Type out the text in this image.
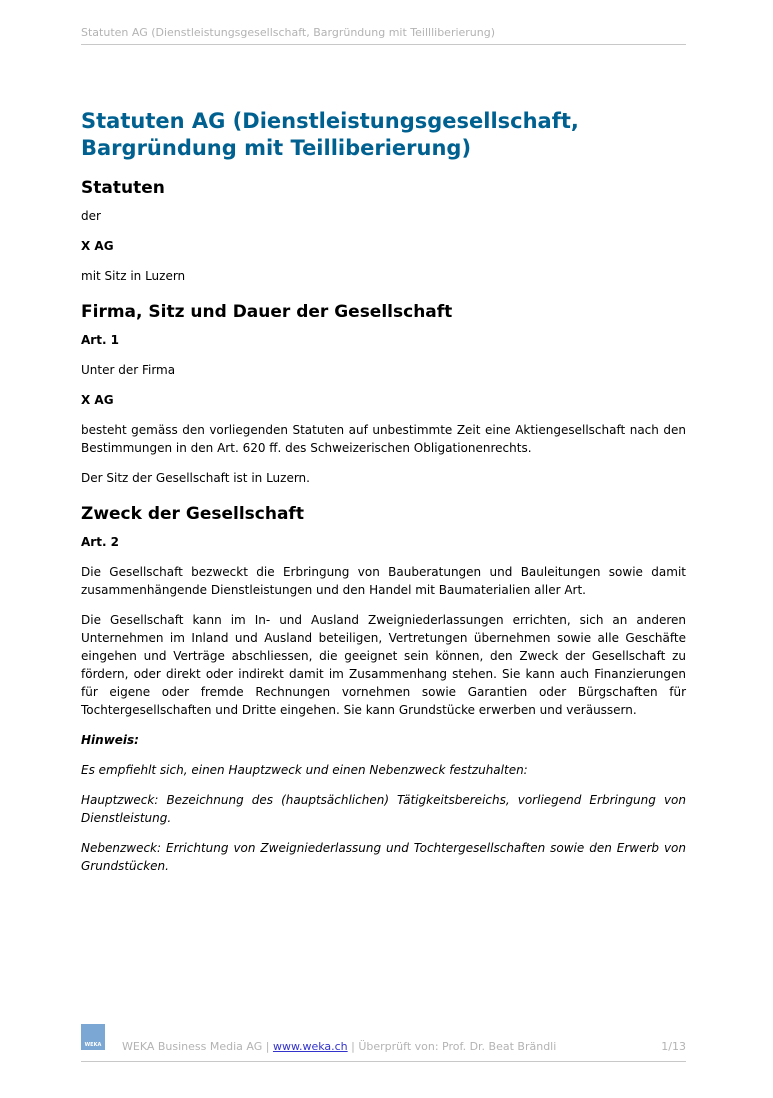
Statuten AG (Dienstleistungsgesellschaft, Bargründung mit Teillliberierung)
Statuten AG (Dienstleistungsgesellschaft,
Bargründung mit Teilliberierung)
Statuten

der

X AG

mit Sitz in Luzern

Firma, Sitz und Dauer der Gesellschaft

Art. 1

Unter der Firma

X AG

besteht gemäss den vorliegenden Statuten auf unbestimmte Zeit eine Aktiengesellschaft nach den Bestimmungen in den Art. 620 ff. des Schweizerischen Obligationenrechts.

Der Sitz der Gesellschaft ist in Luzern.

Zweck der Gesellschaft

Art. 2

Die Gesellschaft bezweckt die Erbringung von Bauberatungen und Bauleitungen sowie damit zusammenhängende Dienstleistungen und den Handel mit Baumaterialien aller Art.

Die Gesellschaft kann im In- und Ausland Zweigniederlassungen errichten, sich an anderen Unternehmen im Inland und Ausland beteiligen, Vertretungen übernehmen sowie alle Geschäfte eingehen und Verträge abschliessen, die geeignet sein können, den Zweck der Gesellschaft zu fördern, oder direkt oder indirekt damit im Zusammenhang stehen. Sie kann auch Finanzierungen für eigene oder fremde Rechnungen vornehmen sowie Garantien oder Bürgschaften für Tochtergesellschaften und Dritte eingehen. Sie kann Grundstücke erwerben und veräussern.

Hinweis:

Es empfiehlt sich, einen Hauptzweck und einen Nebenzweck festzuhalten:

Hauptzweck: Bezeichnung des (hauptsächlichen) Tätigkeitsbereichs, vorliegend Erbringung von Dienstleistung.

Nebenzweck: Errichtung von Zweigniederlassung und Tochtergesellschaften sowie den Erwerb von Grundstücken.

WEKA WEKA Business Media AG | www.weka.ch | Überprüft von: Prof. Dr. Beat Brändli	1/13
